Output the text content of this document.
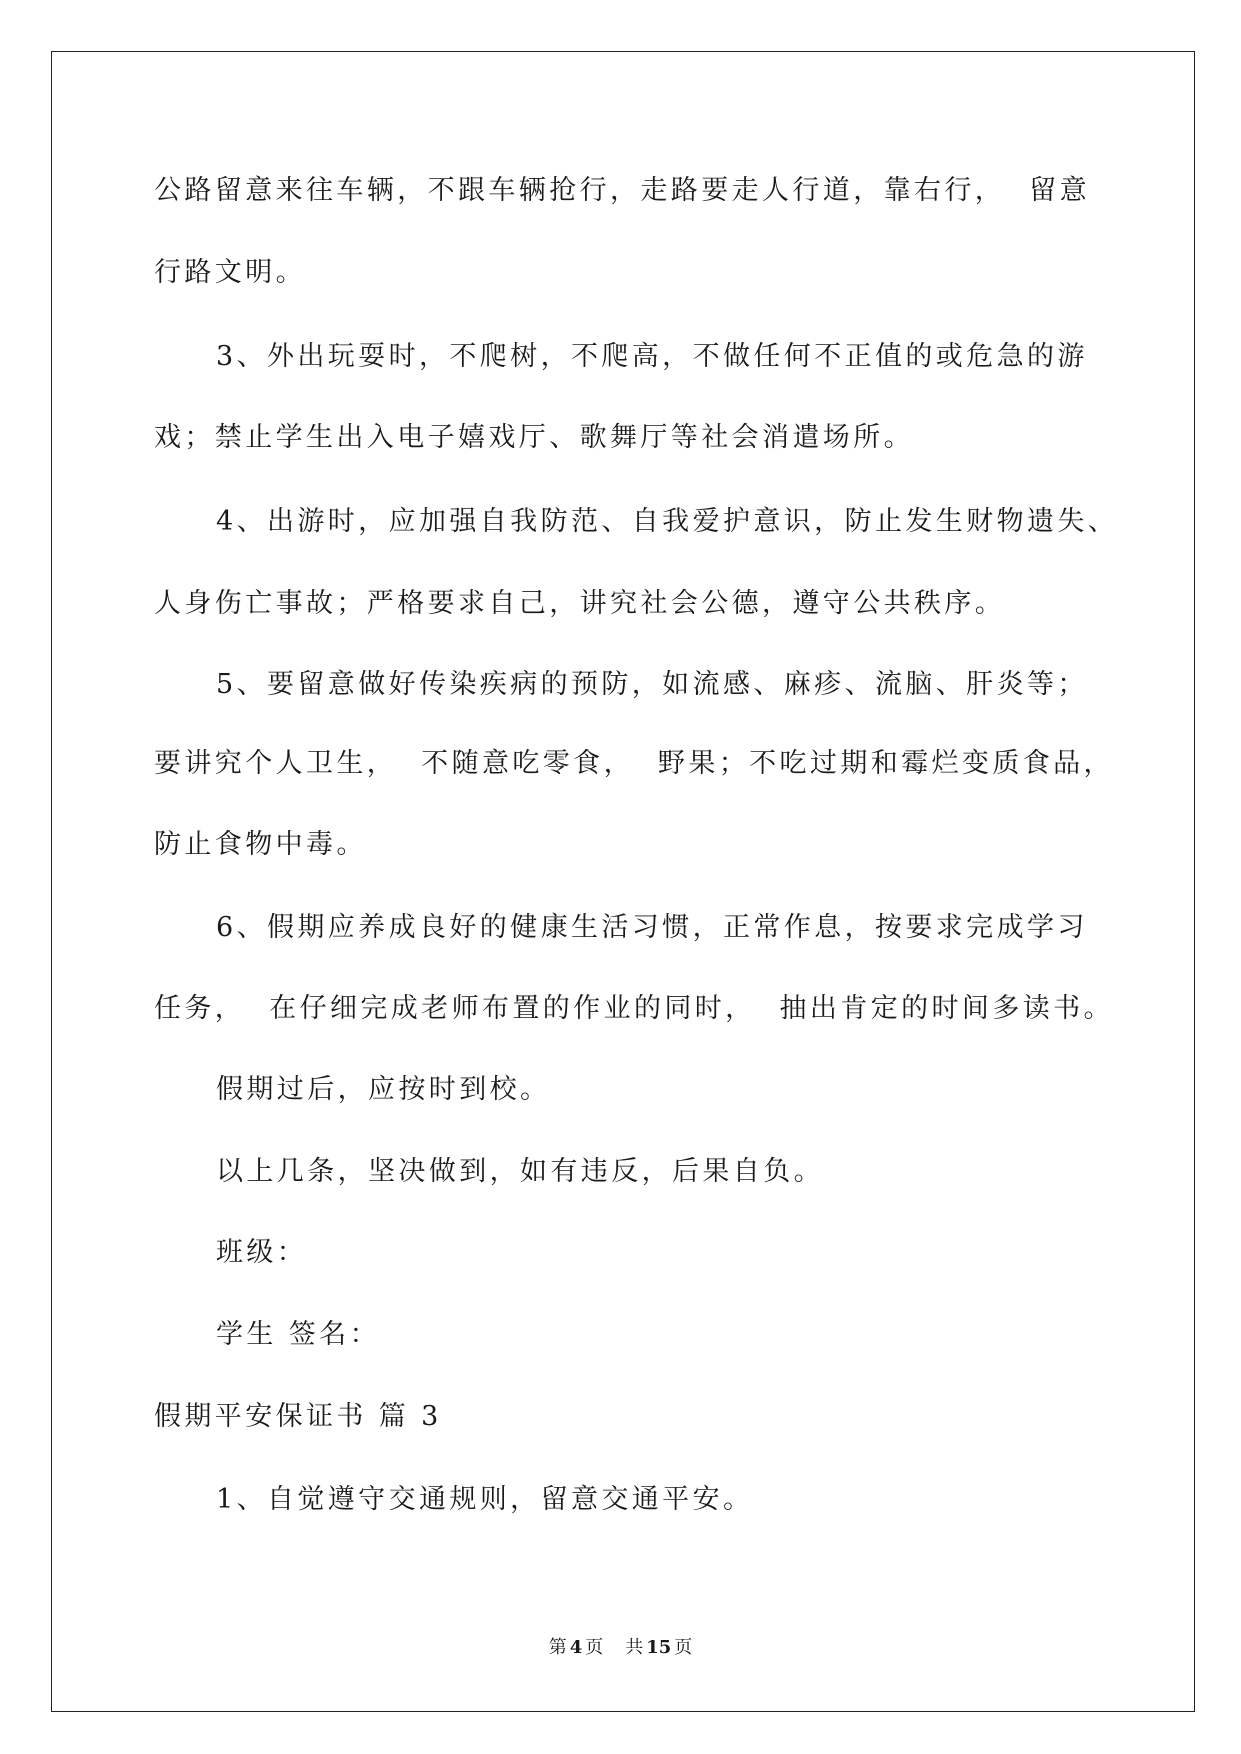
公路留意来往车辆，不跟车辆抢行，走路要走人行道，靠右行，  留意
行路文明。
3、外出玩耍时，不爬树，不爬高，不做任何不正值的或危急的游
戏；禁止学生出入电子嬉戏厅、歌舞厅等社会消遣场所。
4、出游时，应加强自我防范、自我爱护意识，防止发生财物遗失、
人身伤亡事故；严格要求自己，讲究社会公德，遵守公共秩序。
5、要留意做好传染疾病的预防，如流感、麻疹、流脑、肝炎等；
要讲究个人卫生，  不随意吃零食，  野果；不吃过期和霉烂变质食品，
防止食物中毒。
6、假期应养成良好的健康生活习惯，正常作息，按要求完成学习
任务，  在仔细完成老师布置的作业的同时，  抽出肯定的时间多读书。
假期过后，应按时到校。
以上几条，坚决做到，如有违反，后果自负。
班级：
学生 签名：
假期平安保证书 篇 3
1、自觉遵守交通规则，留意交通平安。
第 4 页 共 15 页
